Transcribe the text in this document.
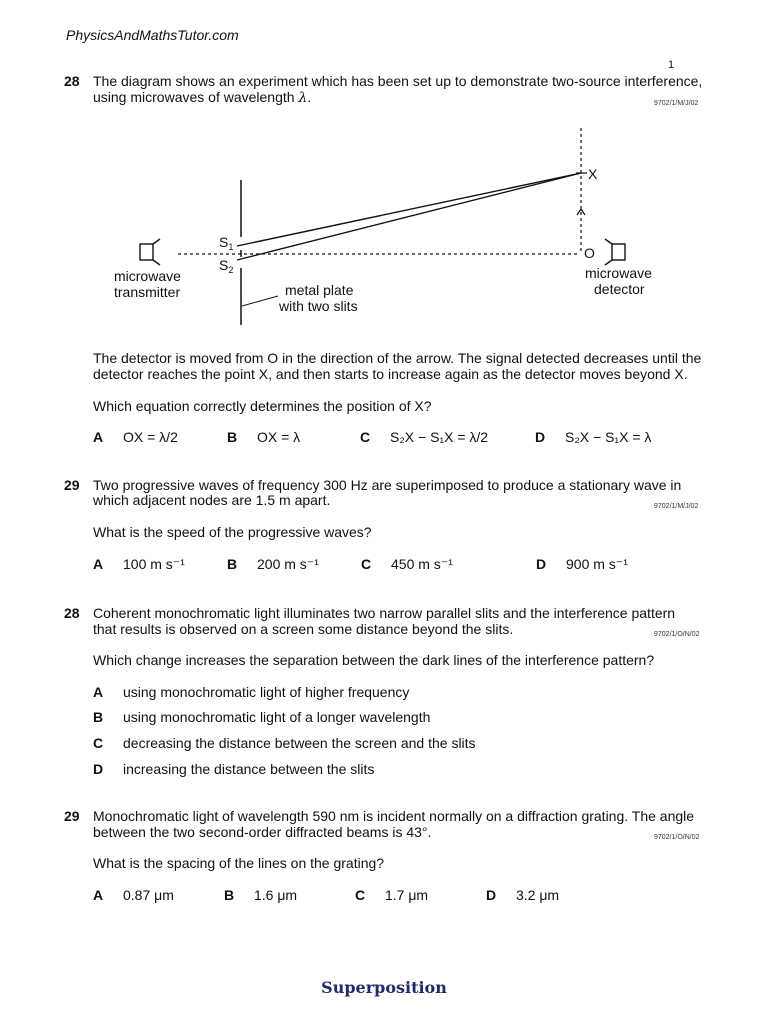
PhysicsAndMathsTutor.com
1
28 The diagram shows an experiment which has been set up to demonstrate two-source interference, using microwaves of wavelength λ.	9702/1/M/J/02
$S_1$
$S_2$
X
O
microwave
transmitter	metal plate
with two slits
microwave
detector
The detector is moved from O in the direction of the arrow. The signal detected decreases until the detector reaches the point X, and then starts to increase again as the detector moves beyond X.
Which equation correctly determines the position of X?
A OX = λ/2	B OX = λ	C S₂X − S₁X = λ/2	D S₂X − S₁X = λ
29 Two progressive waves of frequency 300 Hz are superimposed to produce a stationary wave in
which adjacent nodes are 1.5 m apart.	9702/1/M/J/02
What is the speed of the progressive waves?
A 100 m s⁻¹	B 200 m s⁻¹	C 450 m s⁻¹	D 900 m s⁻¹
28 Coherent monochromatic light illuminates two narrow parallel slits and the interference pattern
that results is observed on a screen some distance beyond the slits.	9702/1/O/N/02
Which change increases the separation between the dark lines of the interference pattern?
A using monochromatic light of higher frequency
B using monochromatic light of a longer wavelength
C decreasing the distance between the screen and the slits
D increasing the distance between the slits
29 Monochromatic light of wavelength 590 nm is incident normally on a diffraction grating. The angle
between the two second-order diffracted beams is 43°.	9702/1/O/N/02
What is the spacing of the lines on the grating?
A 0.87 μm	B 1.6 μm	C 1.7 μm	D 3.2 μm
Superposition
